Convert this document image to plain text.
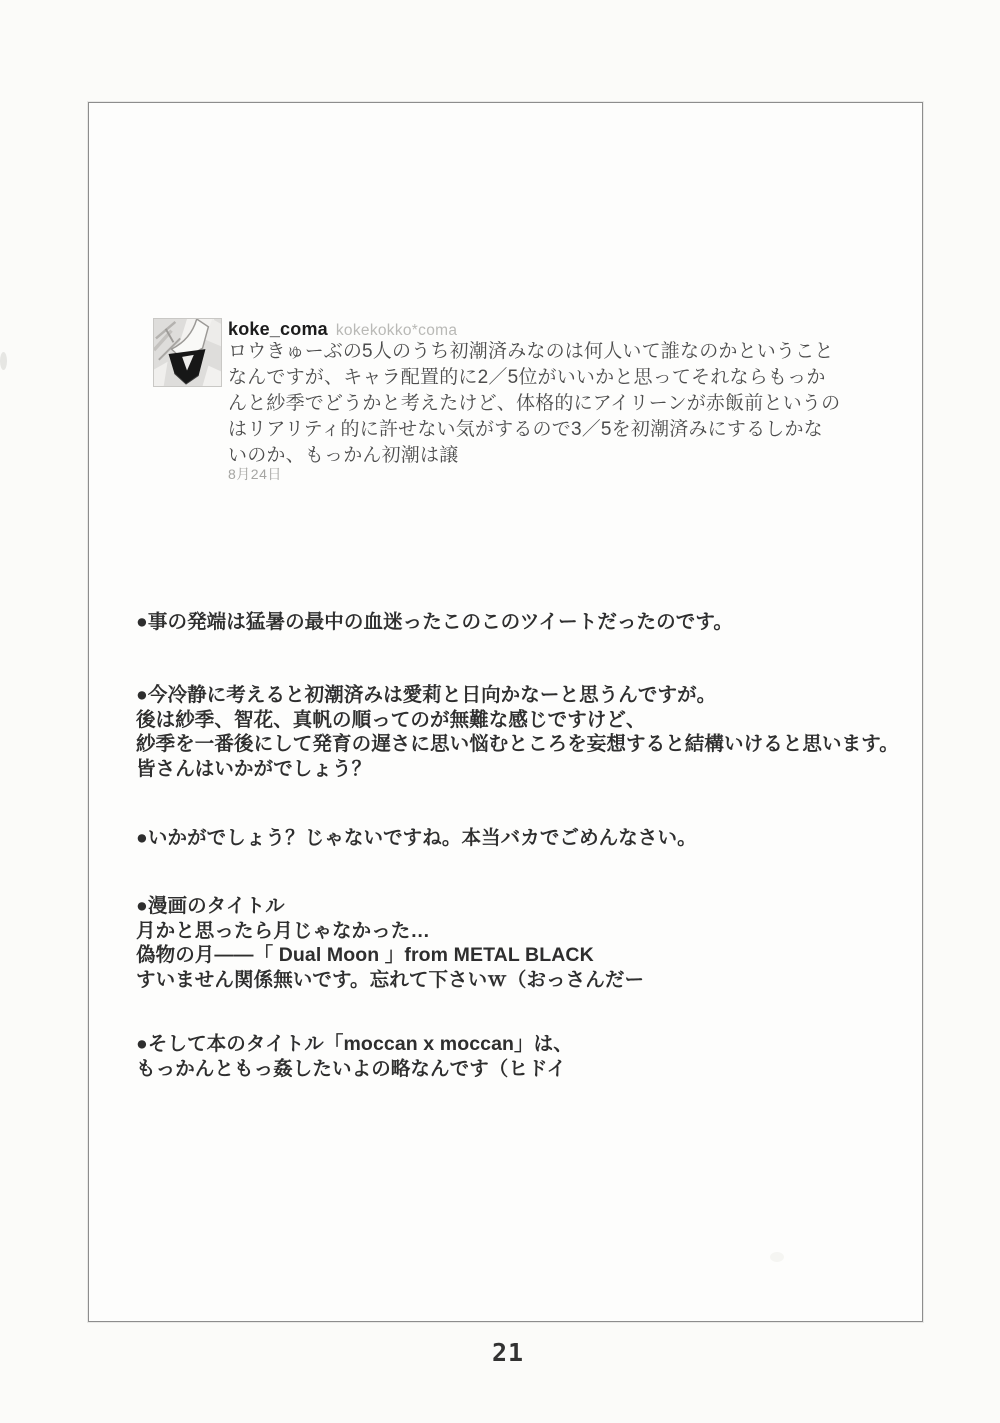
koke_coma kokekokko*coma
ロウきゅーぶの5人のうち初潮済みなのは何人いて誰なのかということ
なんですが、キャラ配置的に2／5位がいいかと思ってそれならもっか
んと紗季でどうかと考えたけど、体格的にアイリーンが赤飯前というの
はリアリティ的に許せない気がするので3／5を初潮済みにするしかな
いのか、もっかん初潮は譲
8月24日
●事の発端は猛暑の最中の血迷ったこのこのツイートだったのです。
●今冷静に考えると初潮済みは愛莉と日向かなーと思うんですが。
後は紗季、智花、真帆の順ってのが無難な感じですけど、
紗季を一番後にして発育の遅さに思い悩むところを妄想すると結構いけると思います。
皆さんはいかがでしょう？
●いかがでしょう？じゃないですね。本当バカでごめんなさい。
●漫画のタイトル
月かと思ったら月じゃなかった…
偽物の月――「 Dual Moon 」from METAL BLACK
すいません関係無いです。忘れて下さいｗ（おっさんだー
●そして本のタイトル「moccan x moccan」は、
もっかんともっ姦したいよの略なんです（ヒドイ
21
